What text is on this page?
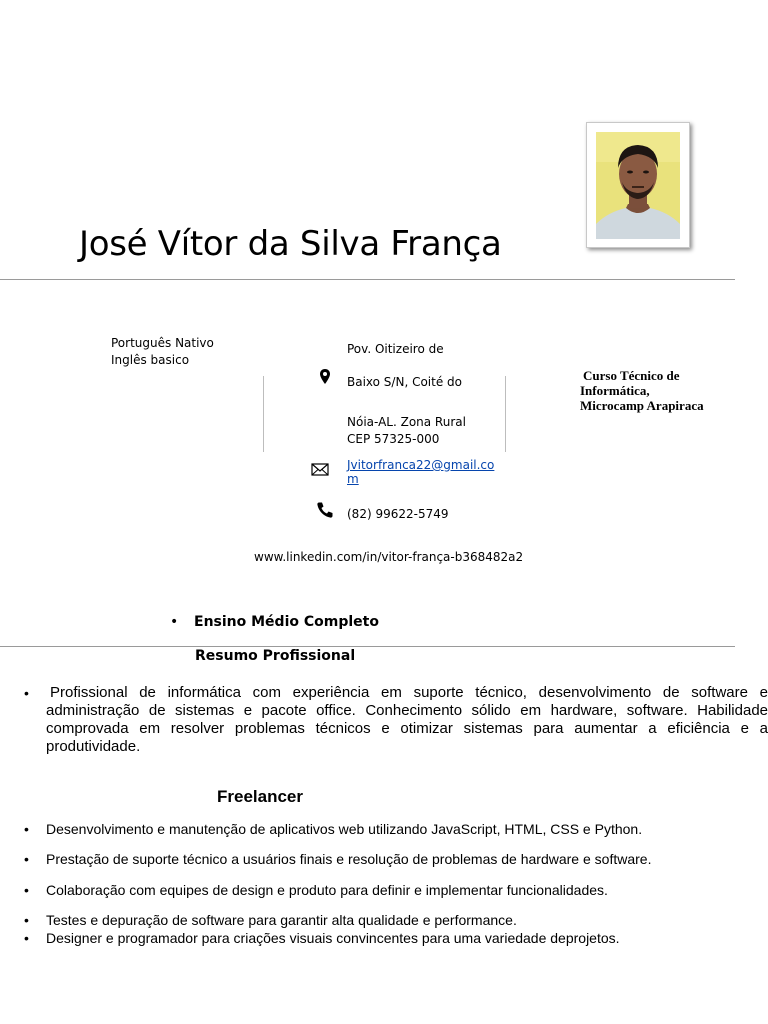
José Vítor da Silva França
Português Nativo
Inglês basico
Pov. Oitizeiro de
Baixo S/N, Coité do
Nóia-AL. Zona Rural
CEP 57325-000
Jvitorfranca22@gmail.co
m
(82) 99622-5749
Curso Técnico de
Informática,
Microcamp Arapiraca
www.linkedin.com/in/vitor-frança-b368482a2
• Ensino Médio Completo
Resumo Profissional
• Profissional de informática com experiência em suporte técnico, desenvolvimento de software e administração de sistemas e pacote office. Conhecimento sólido em hardware, software. Habilidade comprovada em resolver problemas técnicos e otimizar sistemas para aumentar a eficiência e a produtividade.
Freelancer
• Desenvolvimento e manutenção de aplicativos web utilizando JavaScript, HTML, CSS e Python.
• Prestação de suporte técnico a usuários finais e resolução de problemas de hardware e software.
• Colaboração com equipes de design e produto para definir e implementar funcionalidades.
• Testes e depuração de software para garantir alta qualidade e performance.
• Designer e programador para criações visuais convincentes para uma variedade deprojetos.
